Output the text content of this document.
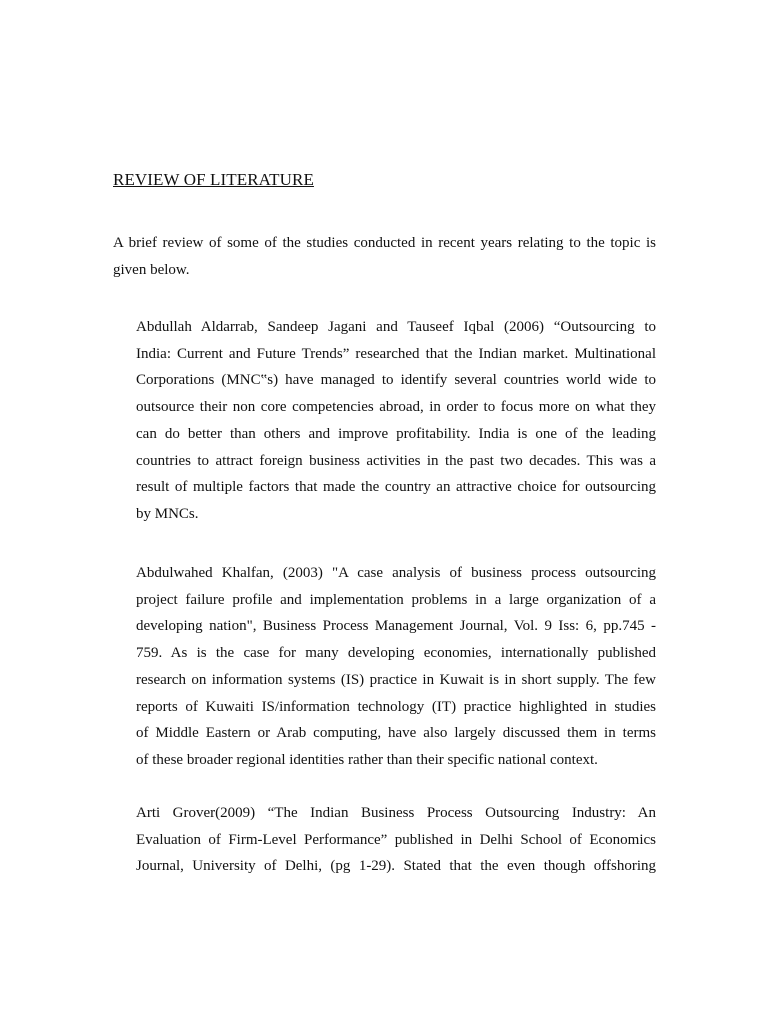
REVIEW OF LITERATURE
A brief review of some of the studies conducted in recent years relating to the topic is
given below.
Abdullah Aldarrab, Sandeep Jagani and Tauseef Iqbal (2006) “Outsourcing to
India: Current and Future Trends” researched that the Indian market. Multinational
Corporations (MNC‟s) have managed to identify several countries world wide to
outsource their non core competencies abroad, in order to focus more on what they
can do better than others and improve profitability. India is one of the leading
countries to attract foreign business activities in the past two decades. This was a
result of multiple factors that made the country an attractive choice for outsourcing
by MNCs.
Abdulwahed Khalfan, (2003) "A case analysis of business process outsourcing
project failure profile and implementation problems in a large organization of a
developing nation", Business Process Management Journal, Vol. 9 Iss: 6, pp.745 -
759. As is the case for many developing economies, internationally published
research on information systems (IS) practice in Kuwait is in short supply. The few
reports of Kuwaiti IS/information technology (IT) practice highlighted in studies
of Middle Eastern or Arab computing, have also largely discussed them in terms
of these broader regional identities rather than their specific national context.
Arti Grover(2009) “The Indian Business Process Outsourcing Industry: An
Evaluation of Firm-Level Performance” published in Delhi School of Economics
Journal, University of Delhi, (pg 1-29). Stated that the even though offshoring
